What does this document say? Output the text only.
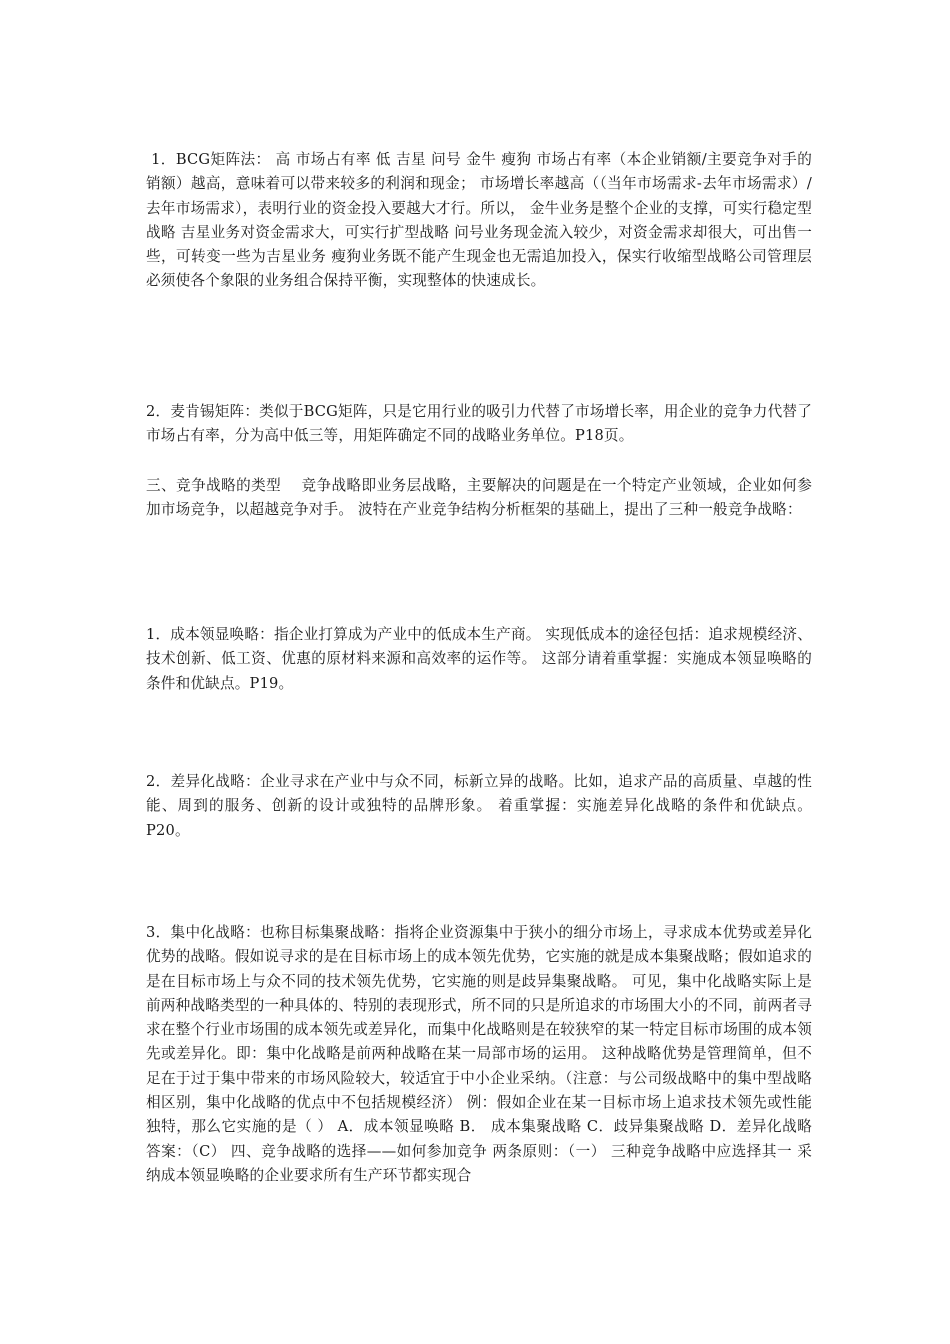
1．BCG矩阵法： 高 市场占有率 低 吉星 问号 金牛 瘦狗 市场占有率（本企业销额/主要竞争对手的销额）越高，意味着可以带来较多的利润和现金； 市场增长率越高（（当年市场需求-去年市场需求）/去年市场需求），表明行业的资金投入要越大才行。所以， 金牛业务是整个企业的支撑，可实行稳定型战略 吉星业务对资金需求大，可实行扩型战略 问号业务现金流入较少，对资金需求却很大，可出售一些，可转变一些为吉星业务 瘦狗业务既不能产生现金也无需追加投入，保实行收缩型战略公司管理层必须使各个象限的业务组合保持平衡，实现整体的快速成长。

2．麦肯锡矩阵：类似于BCG矩阵，只是它用行业的吸引力代替了市场增长率，用企业的竞争力代替了市场占有率，分为高中低三等，用矩阵确定不同的战略业务单位。P18页。

三、竞争战略的类型    竞争战略即业务层战略，主要解决的问题是在一个特定产业领域，企业如何参加市场竞争，以超越竞争对手。 波特在产业竞争结构分析框架的基础上，提出了三种一般竞争战略：

1．成本领显唤略：指企业打算成为产业中的低成本生产商。 实现低成本的途径包括：追求规模经济、技术创新、低工资、优惠的原材料来源和高效率的运作等。 这部分请着重掌握：实施成本领显唤略的条件和优缺点。P19。

2．差异化战略：企业寻求在产业中与众不同，标新立异的战略。比如，追求产品的高质量、卓越的性能、周到的服务、创新的设计或独特的品牌形象。 着重掌握：实施差异化战略的条件和优缺点。P20。

3．集中化战略：也称目标集聚战略：指将企业资源集中于狭小的细分市场上，寻求成本优势或差异化优势的战略。假如说寻求的是在目标市场上的成本领先优势，它实施的就是成本集聚战略；假如追求的是在目标市场上与众不同的技术领先优势，它实施的则是歧异集聚战略。 可见，集中化战略实际上是前两种战略类型的一种具体的、特别的表现形式，所不同的只是所追求的市场围大小的不同，前两者寻求在整个行业市场围的成本领先或差异化，而集中化战略则是在较狭窄的某一特定目标市场围的成本领先或差异化。即：集中化战略是前两种战略在某一局部市场的运用。 这种战略优势是管理简单，但不足在于过于集中带来的市场风险较大，较适宜于中小企业采纳。（注意：与公司级战略中的集中型战略相区别，集中化战略的优点中不包括规模经济） 例：假如企业在某一目标市场上追求技术领先或性能独特，那么它实施的是（ ） A．成本领显唤略 B． 成本集聚战略 C．歧异集聚战略 D．差异化战略 答案：（C） 四、竞争战略的选择——如何参加竞争 两条原则：（一） 三种竞争战略中应选择其一 采纳成本领显唤略的企业要求所有生产环节都实现合
